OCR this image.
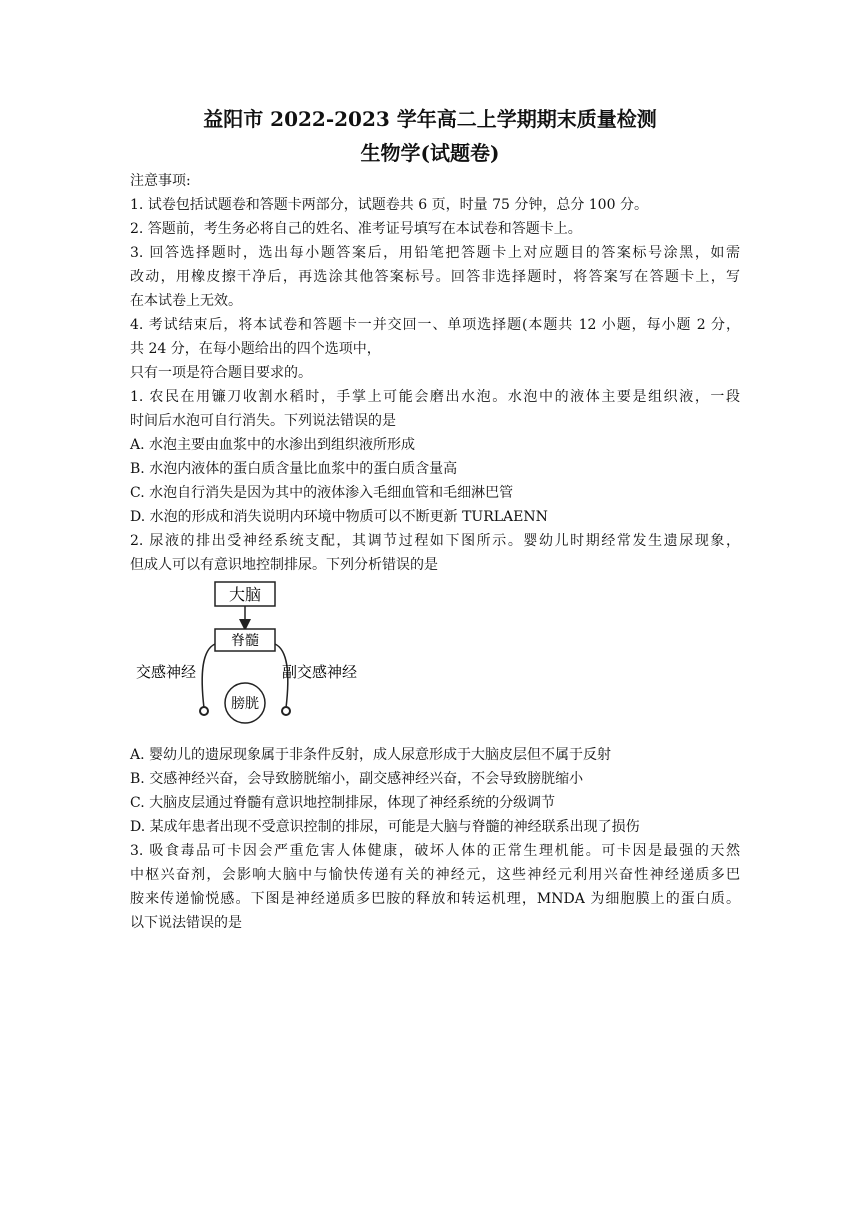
益阳市 2022-2023 学年高二上学期期末质量检测
生物学(试题卷)
注意事项:
1. 试卷包括试题卷和答题卡两部分，试题卷共 6 页，时量 75 分钟，总分 100 分。
2. 答题前，考生务必将自己的姓名、准考证号填写在本试卷和答题卡上。
3. 回答选择题时，选出每小题答案后，用铅笔把答题卡上对应题目的答案标号涂黑，如需
改动，用橡皮擦干净后，再选涂其他答案标号。回答非选择题时，将答案写在答题卡上，写
在本试卷上无效。
4. 考试结束后，将本试卷和答题卡一并交回一、单项选择题(本题共 12 小题，每小题 2 分，
共 24 分，在每小题给出的四个选项中，
只有一项是符合题目要求的。
1. 农民在用镰刀收割水稻时，手掌上可能会磨出水泡。水泡中的液体主要是组织液，一段
时间后水泡可自行消失。下列说法错误的是
A. 水泡主要由血浆中的水渗出到组织液所形成
B. 水泡内液体的蛋白质含量比血浆中的蛋白质含量高
C. 水泡自行消失是因为其中的液体渗入毛细血管和毛细淋巴管
D. 水泡的形成和消失说明内环境中物质可以不断更新 TURLAENN
2. 尿液的排出受神经系统支配，其调节过程如下图所示。婴幼儿时期经常发生遗尿现象，
但成人可以有意识地控制排尿。下列分析错误的是
大脑
脊髓
膀胱
交感神经	副交感神经
A. 婴幼儿的遗尿现象属于非条件反射，成人尿意形成于大脑皮层但不属于反射
B. 交感神经兴奋，会导致膀胱缩小，副交感神经兴奋，不会导致膀胱缩小
C. 大脑皮层通过脊髓有意识地控制排尿，体现了神经系统的分级调节
D. 某成年患者出现不受意识控制的排尿，可能是大脑与脊髓的神经联系出现了损伤
3. 吸食毒品可卡因会严重危害人体健康，破坏人体的正常生理机能。可卡因是最强的天然
中枢兴奋剂，会影响大脑中与愉快传递有关的神经元，这些神经元利用兴奋性神经递质多巴
胺来传递愉悦感。下图是神经递质多巴胺的释放和转运机理，MNDA 为细胞膜上的蛋白质。
以下说法错误的是
